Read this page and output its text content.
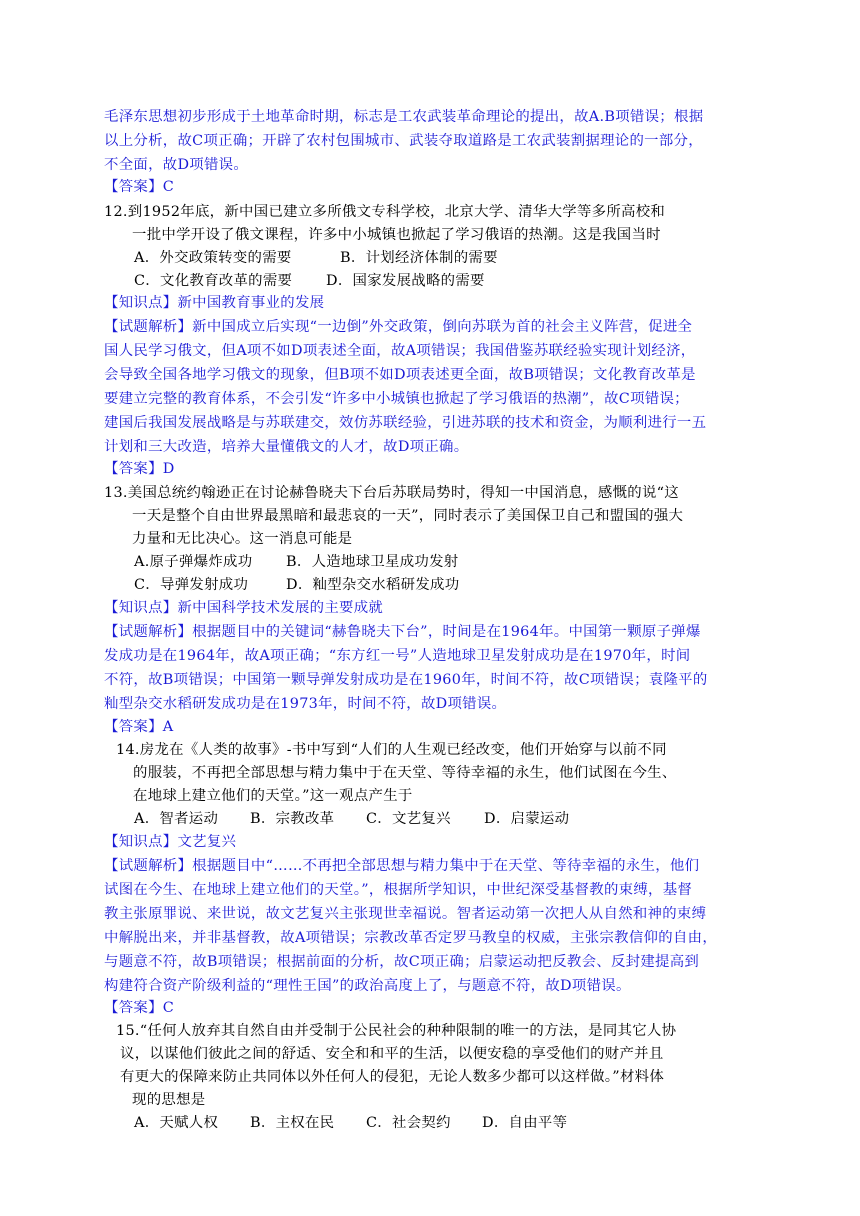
毛泽东思想初步形成于土地革命时期，标志是工农武装革命理论的提出，故A.B项错误；根据
以上分析，故C项正确；开辟了农村包围城市、武装夺取道路是工农武装割据理论的一部分，
不全面，故D项错误。
【答案】C
12.到1952年底，新中国已建立多所俄文专科学校，北京大学、清华大学等多所高校和
一批中学开设了俄文课程，许多中小城镇也掀起了学习俄语的热潮。这是我国当时
A．外交政策转变的需要	B．计划经济体制的需要
C．文化教育改革的需要 D．国家发展战略的需要
【知识点】新中国教育事业的发展
【试题解析】新中国成立后实现“一边倒”外交政策，倒向苏联为首的社会主义阵营，促进全
国人民学习俄文，但A项不如D项表述全面，故A项错误；我国借鉴苏联经验实现计划经济，
会导致全国各地学习俄文的现象，但B项不如D项表述更全面，故B项错误；文化教育改革是
要建立完整的教育体系，不会引发“许多中小城镇也掀起了学习俄语的热潮”，故C项错误；
建国后我国发展战略是与苏联建交，效仿苏联经验，引进苏联的技术和资金，为顺利进行一五
计划和三大改造，培养大量懂俄文的人才，故D项正确。
【答案】D
13.美国总统约翰逊正在讨论赫鲁晓夫下台后苏联局势时，得知一中国消息，感慨的说“这
一天是整个自由世界最黑暗和最悲哀的一天”，同时表示了美国保卫自己和盟国的强大
力量和无比决心。这一消息可能是
A.原子弹爆炸成功 B．人造地球卫星成功发射
C．导弹发射成功	D．籼型杂交水稻研发成功
【知识点】新中国科学技术发展的主要成就
【试题解析】根据题目中的关键词“赫鲁晓夫下台”，时间是在1964年。中国第一颗原子弹爆
发成功是在1964年，故A项正确；“东方红一号”人造地球卫星发射成功是在1970年，时间
不符，故B项错误；中国第一颗导弹发射成功是在1960年，时间不符，故C项错误；袁隆平的
籼型杂交水稻研发成功是在1973年，时间不符，故D项错误。
【答案】A
14.房龙在《人类的故事》-书中写到“人们的人生观已经改变，他们开始穿与以前不同
的服装，不再把全部思想与精力集中于在天堂、等待幸福的永生，他们试图在今生、
在地球上建立他们的天堂。”这一观点产生于
A．智者运动 B．宗教改革 C．文艺复兴 D．启蒙运动
【知识点】文艺复兴
【试题解析】根据题目中“……不再把全部思想与精力集中于在天堂、等待幸福的永生，他们
试图在今生、在地球上建立他们的天堂。”，根据所学知识，中世纪深受基督教的束缚，基督
教主张原罪说、来世说，故文艺复兴主张现世幸福说。智者运动第一次把人从自然和神的束缚
中解脱出来，并非基督教，故A项错误；宗教改革否定罗马教皇的权威，主张宗教信仰的自由，
与题意不符，故B项错误；根据前面的分析，故C项正确；启蒙运动把反教会、反封建提高到
构建符合资产阶级利益的“理性王国”的政治高度上了，与题意不符，故D项错误。
【答案】C
15.“任何人放弃其自然自由并受制于公民社会的种种限制的唯一的方法，是同其它人协
议，以谋他们彼此之间的舒适、安全和和平的生活，以便安稳的享受他们的财产并且
有更大的保障来防止共同体以外任何人的侵犯，无论人数多少都可以这样做。”材料体
现的思想是
A．天赋人权 B．主权在民 C．社会契约 D．自由平等
